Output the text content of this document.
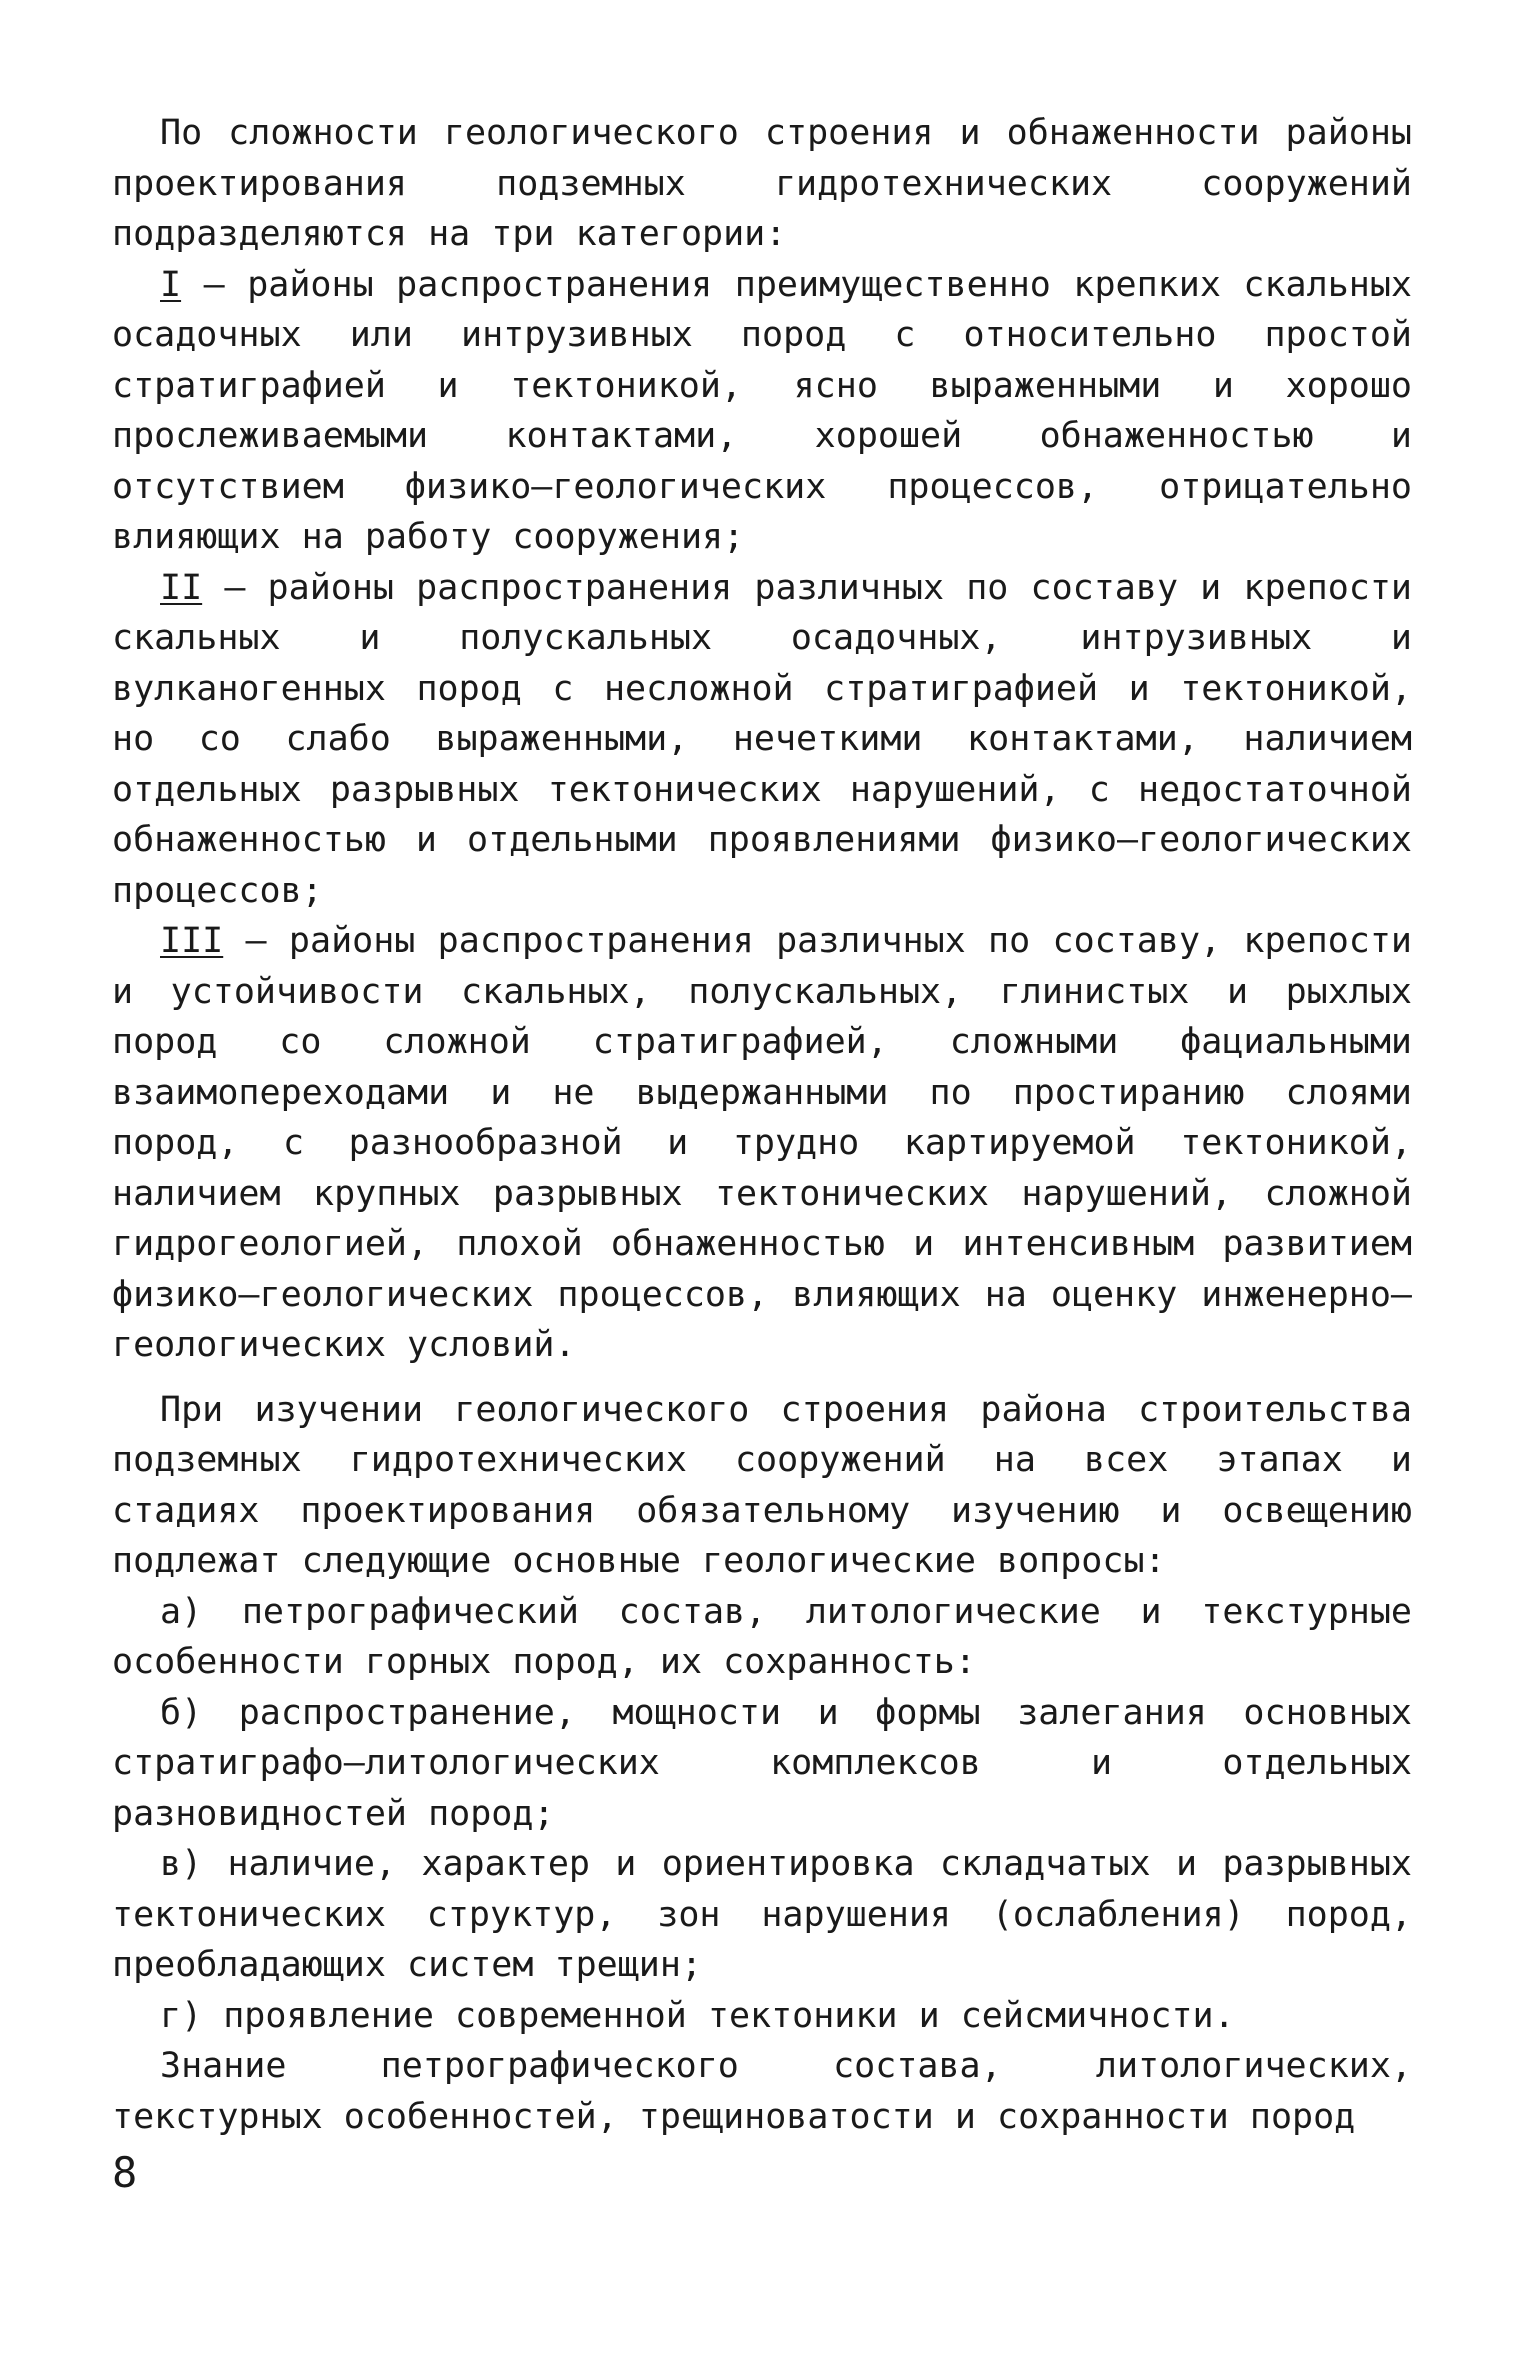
По сложности геологического строения и обнаженности районы проектирования подземных гидротехнических сооружений подразделяются на три категории:

I – районы распространения преимущественно крепких скальных осадочных или интрузивных пород с относительно простой стратиграфией и тектоникой, ясно выраженными и хорошо прослеживаемыми контактами, хорошей обнаженностью и отсутствием физико–геологических процессов, отрицательно влияющих на работу сооружения;

II – районы распространения различных по составу и крепости скальных и полускальных осадочных, интрузивных и вулканогенных пород с несложной стратиграфией и тектоникой, но со слабо выраженными, нечеткими контактами, наличием отдельных разрывных тектонических нарушений, с недостаточной обнаженностью и отдельными проявлениями физико–геологических процессов;

III – районы распространения различных по составу, крепости и устойчивости скальных, полускальных, глинистых и рыхлых пород со сложной стратиграфией, сложными фациальными взаимопереходами и не выдержанными по простиранию слоями пород, с разнообразной и трудно картируемой тектоникой, наличием крупных разрывных тектонических нарушений, сложной гидрогеологией, плохой обнаженностью и интенсивным развитием физико–геологических процессов, влияющих на оценку инженерно–геологических условий.

При изучении геологического строения района строительства подземных гидротехнических сооружений на всех этапах и стадиях проектирования обязательному изучению и освещению подлежат следующие основные геологические вопросы:

а) петрографический состав, литологические и текстурные особенности горных пород, их сохранность:

б) распространение, мощности и формы залегания основных стратиграфо–литологических комплексов и отдельных разновидностей пород;

в) наличие, характер и ориентировка складчатых и разрывных тектонических структур, зон нарушения (ослабления) пород, преобладающих систем трещин;

г) проявление современной тектоники и сейсмичности.

Знание петрографического состава, литологических, текстурных особенностей, трещиноватости и сохранности пород

8
